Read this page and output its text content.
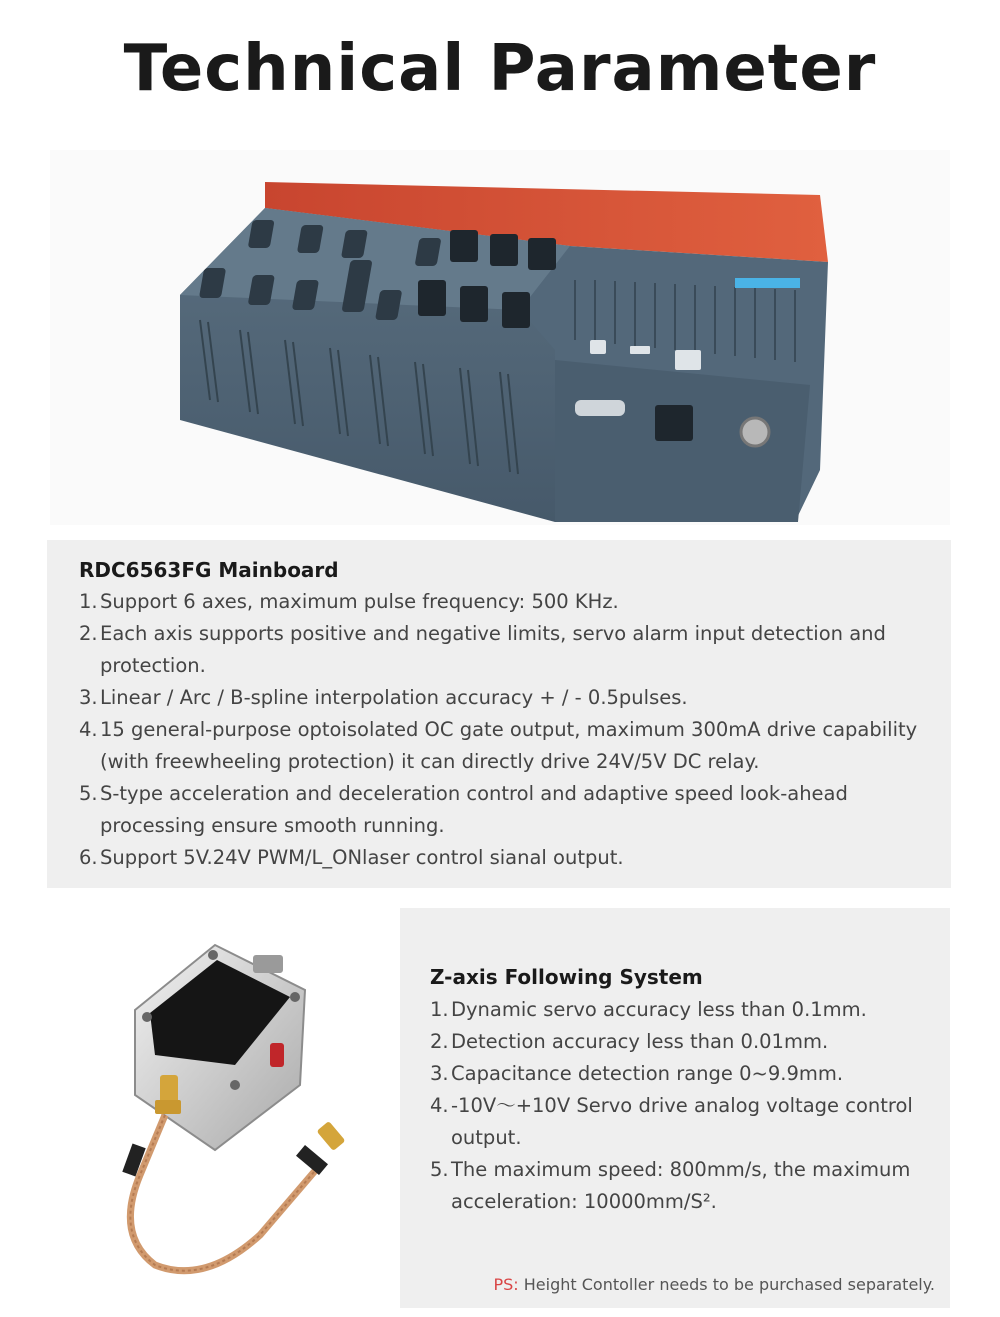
Technical Parameter
RDC6563FG Mainboard
1. Support 6 axes, maximum pulse frequency: 500 KHz.
2. Each axis supports positive and negative limits, servo alarm input detection and protection.
3. Linear / Arc / B-spline interpolation accuracy + / - 0.5pulses.
4. 15 general-purpose optoisolated OC gate output, maximum 300mA drive capability (with freewheeling protection) it can directly drive 24V/5V DC relay.
5. S-type acceleration and deceleration control and adaptive speed look-ahead processing ensure smooth running.
6. Support 5V.24V PWM/L_ONlaser control sianal output.
Z-axis Following System
1. Dynamic servo accuracy less than 0.1mm.
2. Detection accuracy less than 0.01mm.
3. Capacitance detection range 0~9.9mm.
4. -10V～+10V Servo drive analog voltage control output.
5. The maximum speed: 800mm/s, the maximum acceleration: 10000mm/S².
PS: Height Contoller needs to be purchased separately.
